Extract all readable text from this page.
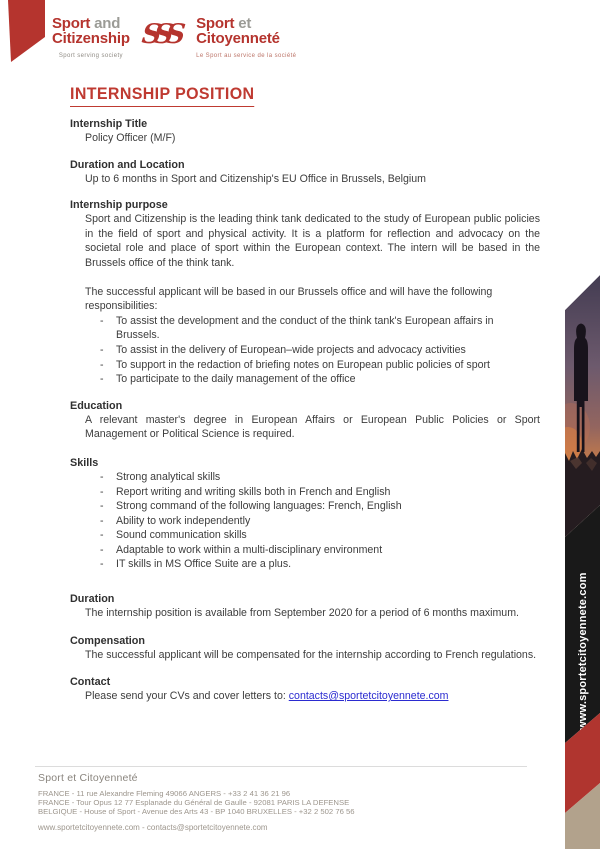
Sport and
Citizenship
Sport serving society
SSS Sport et
Citoyenneté
Le Sport au service de la société
INTERNSHIP POSITION
Internship Title

Policy Officer (M/F)

Duration and Location

Up to 6 months in Sport and Citizenship's EU Office in Brussels, Belgium

Internship purpose

Sport and Citizenship is the leading think tank dedicated to the study of European public policies in the field of sport and physical activity. It is a platform for reflection and advocacy on the societal role and place of sport within the European context. The intern will be based in the Brussels office of the think tank.

The successful applicant will be based in our Brussels office and will have the following responsibilities:

-	To assist the development and the conduct of the think tank's European affairs in Brussels.
-	To assist in the delivery of European–wide projects and advocacy activities
-	To support in the redaction of briefing notes on European public policies of sport
-	To participate to the daily management of the office
Education

A relevant master's degree in European Affairs or European Public Policies or Sport Management or Political Science is required.

Skills
-	Strong analytical skills
-	Report writing and writing skills both in French and English
-	Strong command of the following languages: French, English
-	Ability to work independently
-	Sound communication skills
-	Adaptable to work within a multi-disciplinary environment
-	IT skills in MS Office Suite are a plus.
Duration

The internship position is available from September 2020 for a period of 6 months maximum.

Compensation

The successful applicant will be compensated for the internship according to French regulations.

Contact

Please send your CVs and cover letters to: contacts@sportetcitoyennete.com	www.sportetcitoyennete.com
Sport et Citoyenneté
FRANCE - 11 rue Alexandre Fleming 49066 ANGERS - +33 2 41 36 21 96
FRANCE - Tour Opus 12 77 Esplanade du Général de Gaulle - 92081 PARIS LA DEFENSE
BELGIQUE - House of Sport - Avenue des Arts 43 - BP 1040 BRUXELLES - +32 2 502 76 56
www.sportetcitoyennete.com - contacts@sportetcitoyennete.com
